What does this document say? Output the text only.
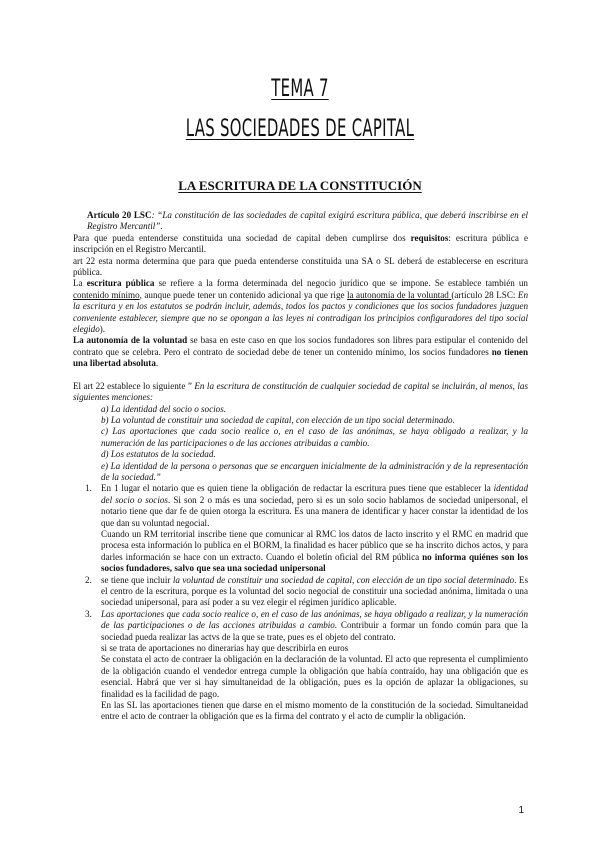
TEMA 7
LAS SOCIEDADES DE CAPITAL
LA ESCRITURA DE LA CONSTITUCIÓN

Artículo 20 LSC: “La constitución de las sociedades de capital exigirá escritura pública, que deberá inscribirse en el Registro Mercantil”.

Para que pueda entenderse constituida una sociedad de capital deben cumplirse dos requisitos: escritura pública e inscripción en el Registro Mercantil.

art 22 esta norma determina que para que pueda entenderse constituida una SA o SL deberá de establecerse en escritura pública.

La escritura pública se refiere a la forma determinada del negocio jurídico que se impone. Se establece también un contenido mínimo, aunque puede tener un contenido adicional ya que rige la autonomía de la voluntad (artículo 28 LSC: En la escritura y en los estatutos se podrán incluir, además, todos los pactos y condiciones que los socios fundadores juzguen conveniente establecer, siempre que no se opongan a las leyes ni contradigan los principios configuradores del tipo social elegido).

La autonomía de la voluntad se basa en este caso en que los socios fundadores son libres para estipular el contenido del contrato que se celebra. Pero el contrato de sociedad debe de tener un contenido mínimo, los socios fundadores no tienen una libertad absoluta.

El art 22 establece lo siguiente ” En la escritura de constitución de cualquier sociedad de capital se incluirán, al menos, las siguientes menciones:

a) La identidad del socio o socios.

b) La voluntad de constituir una sociedad de capital, con elección de un tipo social determinado.

c) Las aportaciones que cada socio realice o, en el caso de las anónimas, se haya obligado a realizar, y la numeración de las participaciones o de las acciones atribuidas a cambio.

d) Los estatutos de la sociedad.

e) La identidad de la persona o personas que se encarguen inicialmente de la administración y de la representación de la sociedad.”

1. En 1 lugar el notario que es quien tiene la obligación de redactar la escritura pues tiene que establecer la identidad del socio o socios. Si son 2 o más es una sociedad, pero si es un solo socio hablamos de sociedad unipersonal, el notario tiene que dar fe de quien otorga la escritura. Es una manera de identificar y hacer constar la identidad de los que dan su voluntad negocial.

Cuando un RM territorial inscribe tiene que comunicar al RMC los datos de lacto inscrito y el RMC en madrid que procesa esta información lo publica en el BORM, la finalidad es hacer público que se ha inscrito dichos actos, y para darles información se hace con un extracto. Cuando el boletín oficial del RM pública no informa quiénes son los socios fundadores, salvo que sea una sociedad unipersonal

2. se tiene que incluir la voluntad de constituir una sociedad de capital, con elección de un tipo social determinado. Es el centro de la escritura, porque es la voluntad del socio negocial de constituir una sociedad anónima, limitada o una sociedad unipersonal, para así poder a su vez elegir el régimen jurídico aplicable.

3. Las aportaciones que cada socio realice o, en el caso de las anónimas, se haya obligado a realizar, y la numeración de las participaciones o de las acciones atribuidas a cambio. Contribuir a formar un fondo común para que la sociedad pueda realizar las actvs de la que se trate, pues es el objeto del contrato.

si se trata de aportaciones no dinerarias hay que describirla en euros

Se constata el acto de contraer la obligación en la declaración de la voluntad. El acto que representa el cumplimiento de la obligación cuando el vendedor entrega cumple la obligación que había contraído, hay una obligación que es esencial. Habrá que ver si hay simultaneidad de la obligación, pues es la opción de aplazar la obligaciones, su finalidad es la facilidad de pago.

En las SL las aportaciones tienen que darse en el mismo momento de la constitución de la sociedad. Simultaneidad entre el acto de contraer la obligación que es la firma del contrato y el acto de cumplir la obligación.

1
